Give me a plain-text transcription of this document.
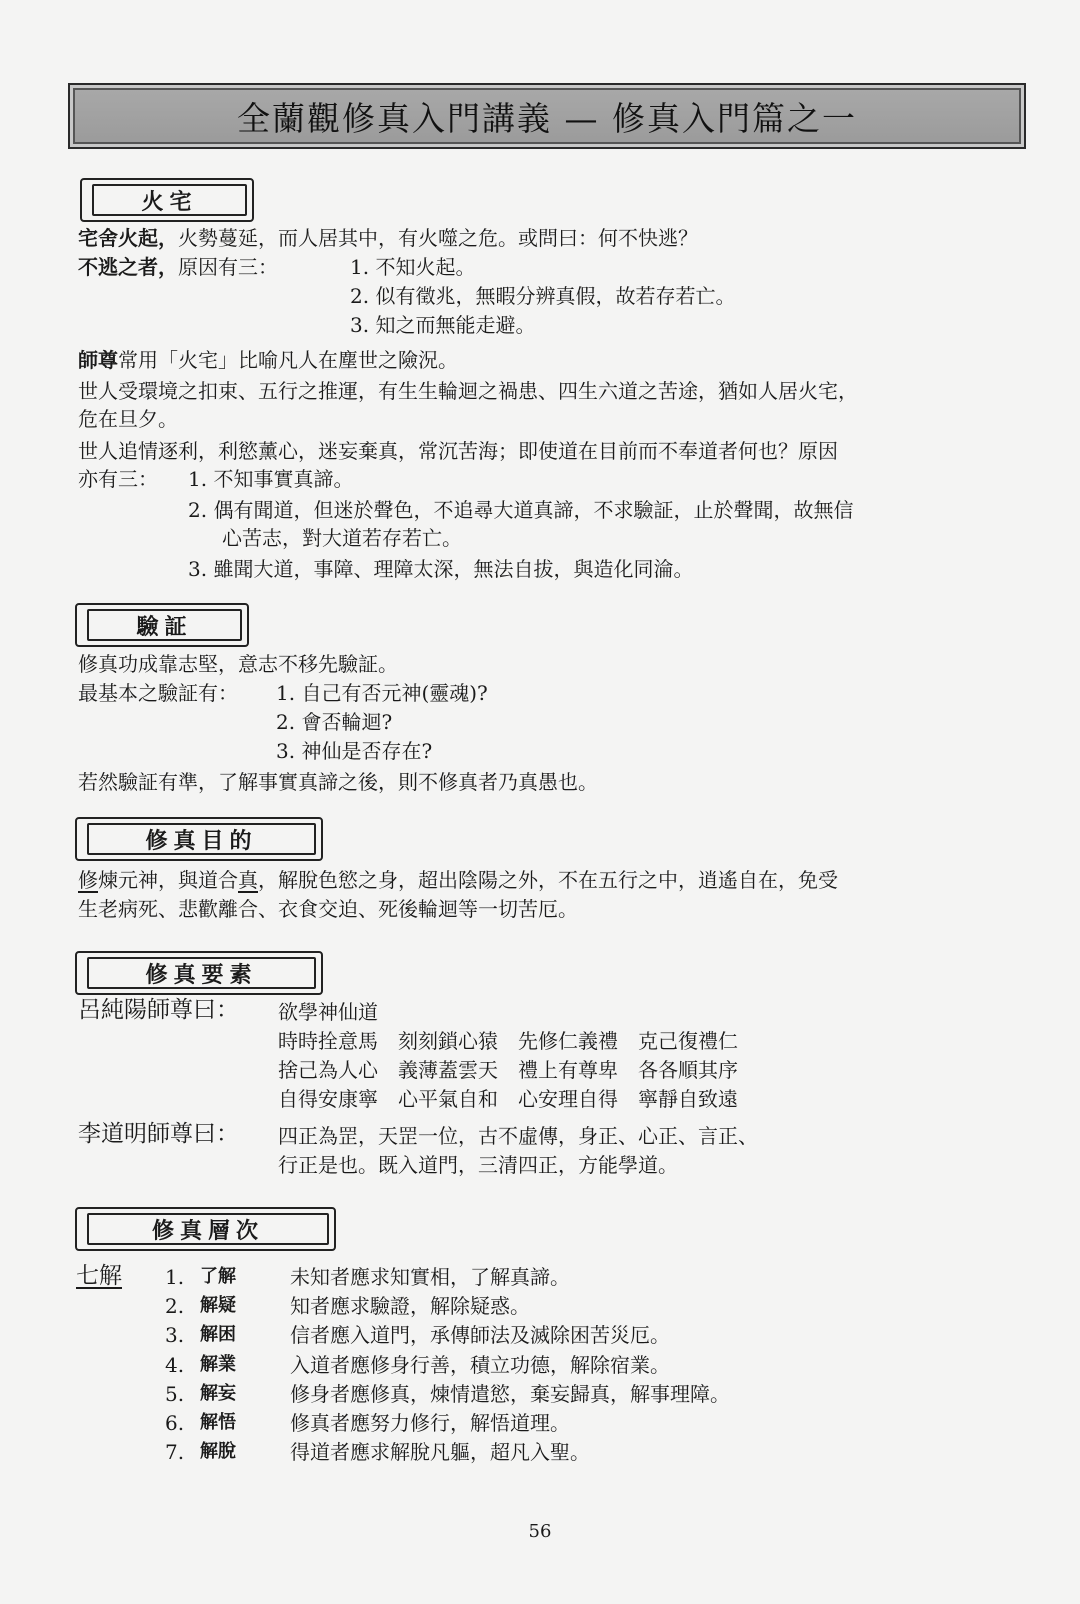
全蘭觀修真入門講義 — 修真入門篇之一
火宅
宅舍火起，火勢蔓延，而人居其中，有火噬之危。或問曰：何不快逃？
不逃之者，原因有三：	1. 不知火起。
2. 似有徵兆，無暇分辨真假，故若存若亡。
3. 知之而無能走避。
師尊常用「火宅」比喻凡人在塵世之險況。
世人受環境之扣束、五行之推運，有生生輪迴之禍患、四生六道之苦途，猶如人居火宅，
危在旦夕。
世人追情逐利，利慾薰心，迷妄棄真，常沉苦海；即使道在目前而不奉道者何也？原因
亦有三： 1. 不知事實真諦。
2. 偶有聞道，但迷於聲色，不追尋大道真諦，不求驗証，止於聲聞，故無信
心苦志，對大道若存若亡。
3. 雖聞大道，事障、理障太深，無法自拔，與造化同淪。
驗証
修真功成靠志堅，意志不移先驗証。
最基本之驗証有： 1. 自己有否元神(靈魂)?
2. 會否輪迴?
3. 神仙是否存在?
若然驗証有準，了解事實真諦之後，則不修真者乃真愚也。
修真目的
修煉元神，與道合真，解脫色慾之身，超出陰陽之外，不在五行之中，逍遙自在，免受
生老病死、悲歡離合、衣食交迫、死後輪迴等一切苦厄。
修真要素
呂純陽師尊曰： 欲學神仙道
時時拴意馬　刻刻鎖心猿　先修仁義禮　克己復禮仁
捨己為人心　義薄蓋雲天　禮上有尊卑　各各順其序
自得安康寧　心平氣自和　心安理自得　寧靜自致遠
李道明師尊曰： 四正為罡，天罡一位，古不虛傳，身正、心正、言正、
行正是也。既入道門，三清四正，方能學道。
修真層次
七解 1. 了解	未知者應求知實相，了解真諦。
2. 解疑	知者應求驗證，解除疑惑。
3. 解困	信者應入道門，承傳師法及滅除困苦災厄。
4. 解業	入道者應修身行善，積立功德，解除宿業。
5. 解妄	修身者應修真，煉情遣慾，棄妄歸真，解事理障。
6. 解悟	修真者應努力修行，解悟道理。
7. 解脫	得道者應求解脫凡軀，超凡入聖。
56
